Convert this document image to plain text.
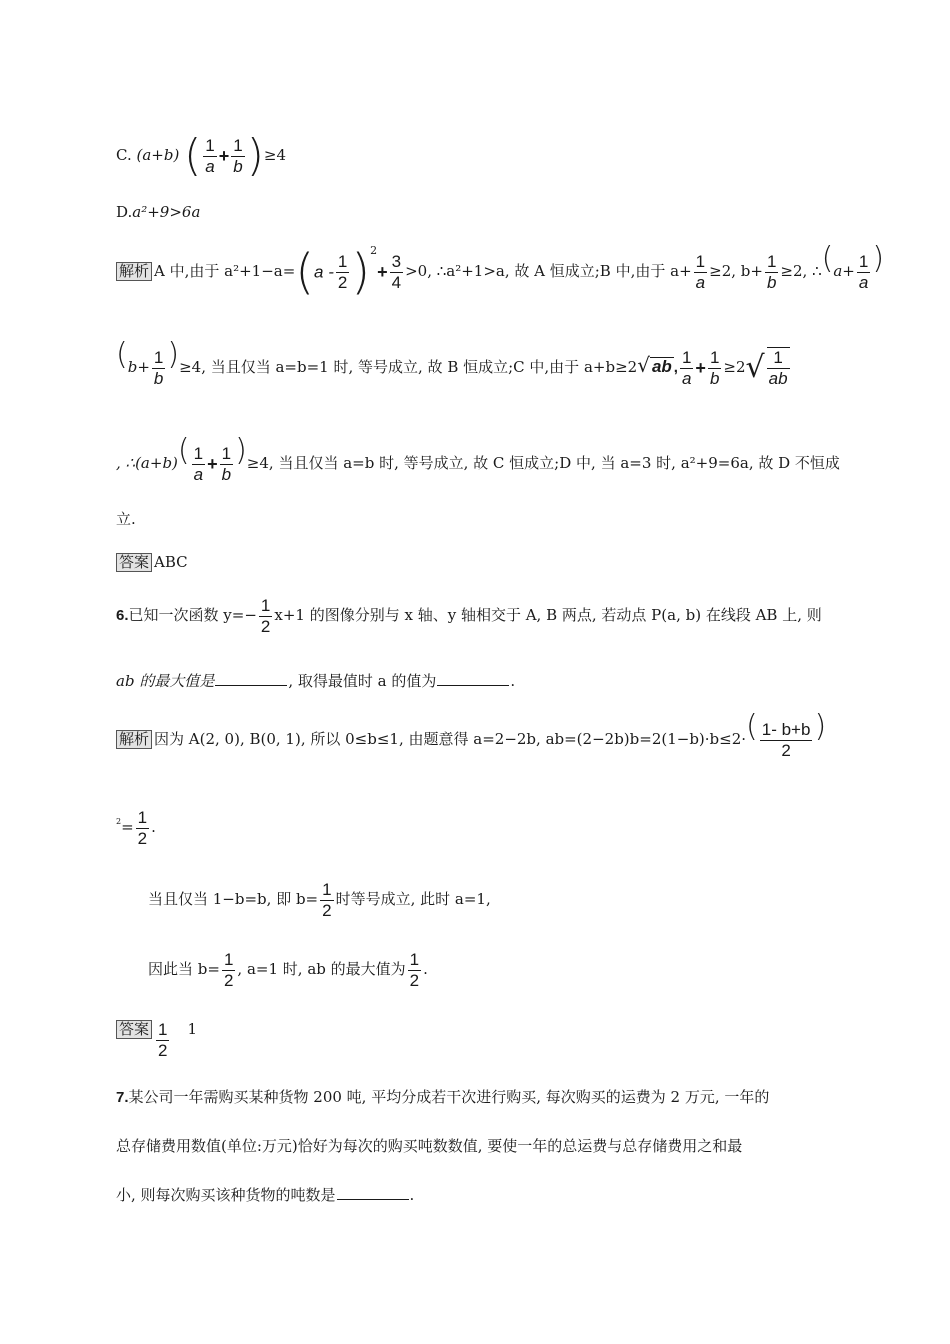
C. (a+b) ( $\frac{1}{a} + \frac{1}{b} )\ge 4$
D.a²+9>6a
解析 A 中,由于 $a^2+1-a=(a - \frac{1}{2} )^2+ \frac{3}{4} >0$, ∴a²+1>a, 故 A 恒成立;B 中,由于 $a+ \frac{1}{a} \ge 2$, $b+ \frac{1}{b} \ge 2$, ∴(a+ $\frac{1}{a}$ )
$(b+ \frac{1}{b} )\ge 4$, 当且仅当 a=b=1 时, 等号成立, 故 B 恒成立;C 中,由于 a+b≥2√ ab , $\frac{1}{a} + \frac{1}{b} \ge 2√ \frac{1}{ab}$
, ∴(a+b)( $\frac{1}{a} + \frac{1}{b} )\ge 4$, 当且仅当 a=b 时, 等号成立, 故 C 恒成立;D 中, 当 a=3 时, a²+9=6a, 故 D 不恒成
立.
答案 ABC
6.已知一次函数 $y=- \frac{1}{2} x+1$ 的图像分别与 x 轴、y 轴相交于 A, B 两点, 若动点 P(a, b) 在线段 AB 上, 则
ab 的最大值是	, 取得最值时 a 的值为	.
解析 因为 A(2, 0), B(0, 1), 所以 0≤b≤1, 由题意得 a=2−2b, $ab=(2-2b)b=2(1-b)\cdot b\le 2\cdot( \frac{1- b+b}{2}$ )
$^2= \frac{1}{2}$ .
当且仅当 1−b=b, 即 $b= \frac{1}{2}$ 时等号成立, 此时 a=1,
因此当 $b= \frac{1}{2}$ , a=1 时, ab 的最大值为 $\frac{1}{2}$ .
答案 $\frac{1}{2} 1$
7.某公司一年需购买某种货物 200 吨, 平均分成若干次进行购买, 每次购买的运费为 2 万元, 一年的
总存储费用数值(单位:万元)恰好为每次的购买吨数数值, 要使一年的总运费与总存储费用之和最
小, 则每次购买该种货物的吨数是	.
